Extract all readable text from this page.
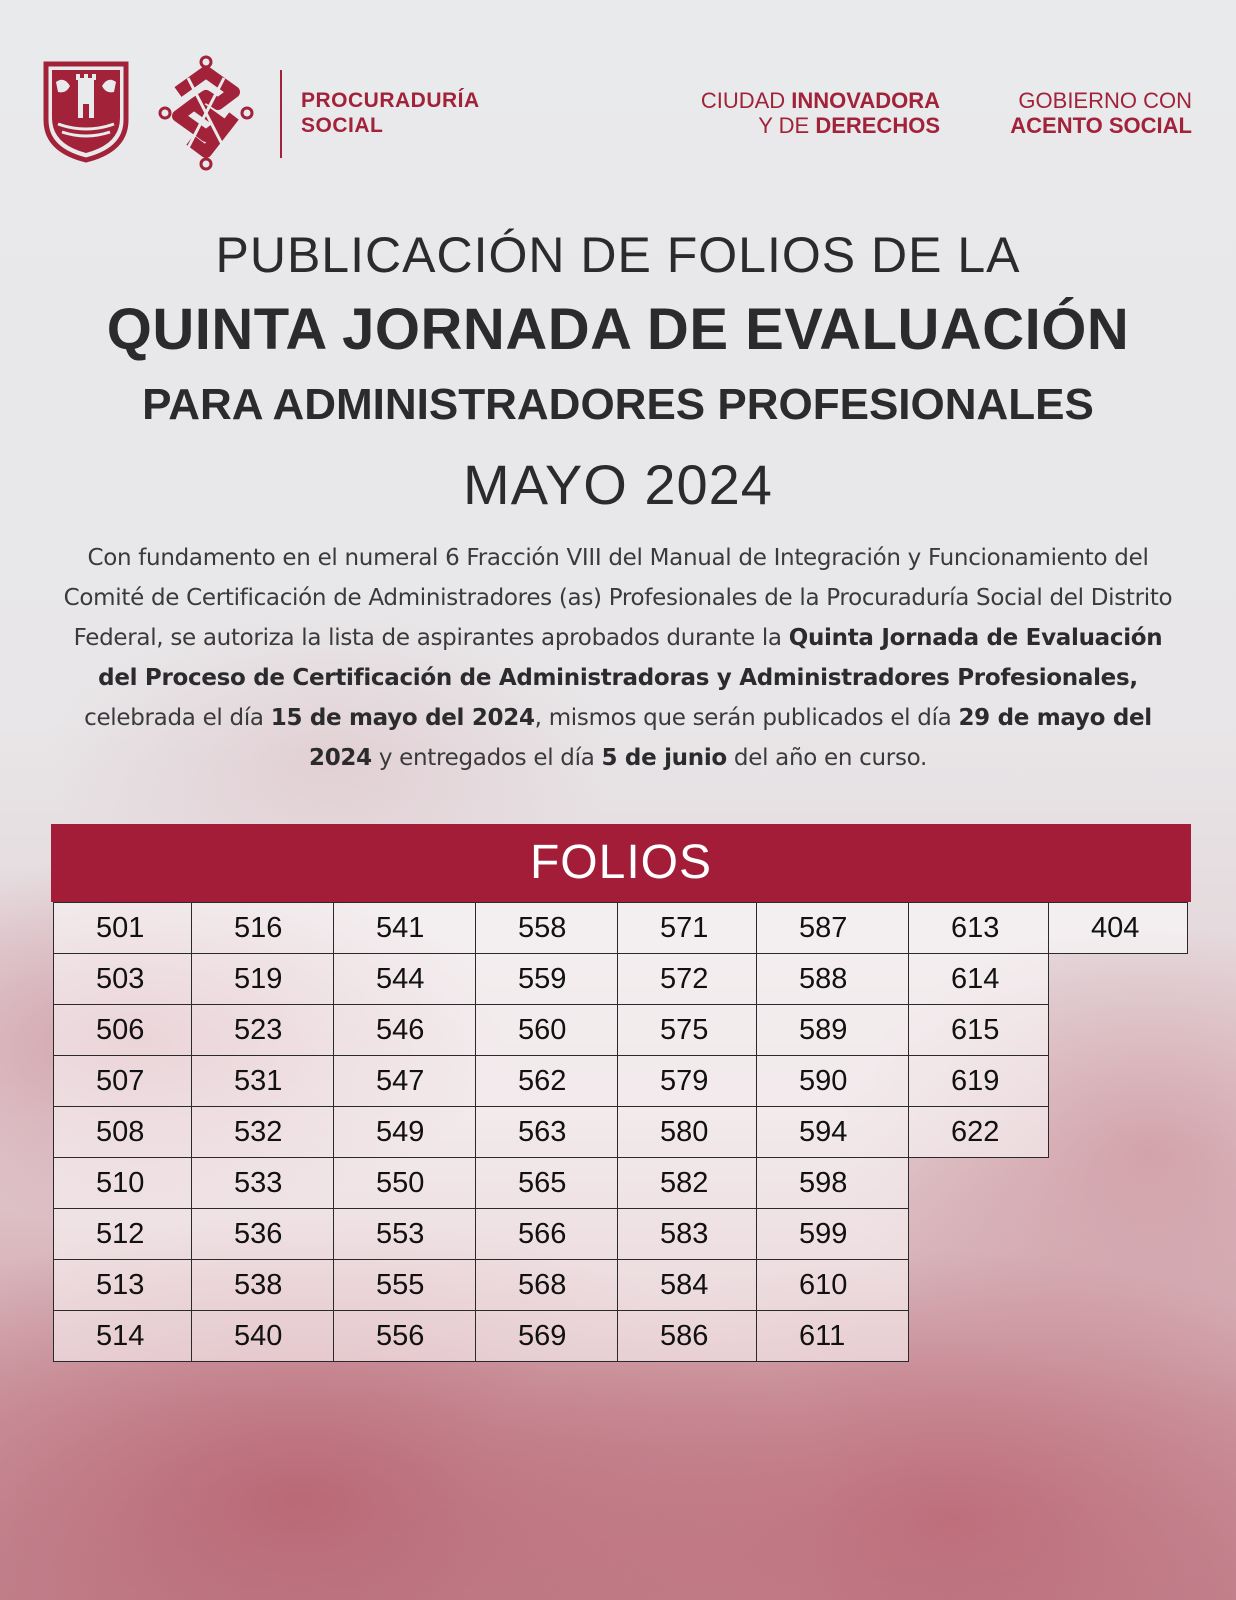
PROCURADURÍA
SOCIAL
CIUDAD INNOVADORA
Y DE DERECHOS
GOBIERNO CON
ACENTO SOCIAL
PUBLICACIÓN DE FOLIOS DE LA
QUINTA JORNADA DE EVALUACIÓN
PARA ADMINISTRADORES PROFESIONALES
MAYO 2024
Con fundamento en el numeral 6 Fracción VIII del Manual de Integración y Funcionamiento del Comité de Certificación de Administradores (as) Profesionales de la Procuraduría Social del Distrito Federal, se autoriza la lista de aspirantes aprobados durante la Quinta Jornada de Evaluación del Proceso de Certificación de Administradoras y Administradores Profesionales, celebrada el día 15 de mayo del 2024, mismos que serán publicados el día 29 de mayo del 2024 y entregados el día 5 de junio del año en curso.
FOLIOS
501	516	541	558	571	587	613	404
503	519	544	559	572	588	614	
506	523	546	560	575	589	615	
507	531	547	562	579	590	619	
508	532	549	563	580	594	622	
510	533	550	565	582	598		
512	536	553	566	583	599		
513	538	555	568	584	610		
514	540	556	569	586	611		
